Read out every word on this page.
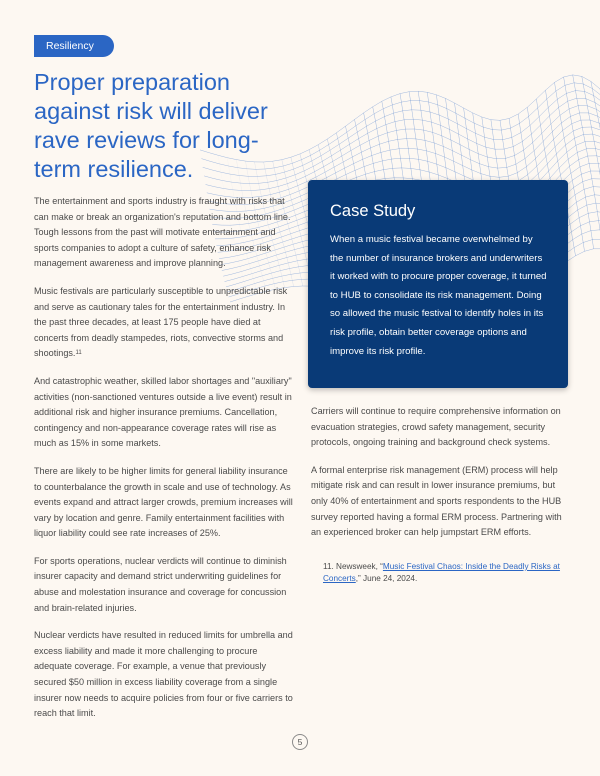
Resiliency
Proper preparation against risk will deliver rave reviews for long-term resilience.

The entertainment and sports industry is fraught with risks that can make or break an organization's reputation and bottom line. Tough lessons from the past will motivate entertainment and sports companies to adopt a culture of safety, enhance risk management awareness and improve planning.

Music festivals are particularly susceptible to unpredictable risk and serve as cautionary tales for the entertainment industry. In the past three decades, at least 175 people have died at concerts from deadly stampedes, riots, convective storms and shootings.$^{11}$

And catastrophic weather, skilled labor shortages and "auxiliary" activities (non-sanctioned ventures outside a live event) result in additional risk and higher insurance premiums. Cancellation, contingency and non-appearance coverage rates will rise as much as 15% in some markets.

There are likely to be higher limits for general liability insurance to counterbalance the growth in scale and use of technology. As events expand and attract larger crowds, premium increases will vary by location and genre. Family entertainment facilities with liquor liability could see rate increases of 25%.

For sports operations, nuclear verdicts will continue to diminish insurer capacity and demand strict underwriting guidelines for abuse and molestation insurance and coverage for concussion and brain-related injuries.

Nuclear verdicts have resulted in reduced limits for umbrella and excess liability and made it more challenging to procure adequate coverage. For example, a venue that previously secured $50 million in excess liability coverage from a single insurer now needs to acquire policies from four or five carriers to reach that limit.

Case Study

When a music festival became overwhelmed by the number of insurance brokers and underwriters it worked with to procure proper coverage, it turned to HUB to consolidate its risk management. Doing so allowed the music festival to identify holes in its risk profile, obtain better coverage options and improve its risk profile.

Carriers will continue to require comprehensive information on evacuation strategies, crowd safety management, security protocols, ongoing training and background check systems.

A formal enterprise risk management (ERM) process will help mitigate risk and can result in lower insurance premiums, but only 40% of entertainment and sports respondents to the HUB survey reported having a formal ERM process. Partnering with an experienced broker can help jumpstart ERM efforts.

11. Newsweek, “Music Festival Chaos: Inside the Deadly Risks at Concerts,” June 24, 2024.
5
